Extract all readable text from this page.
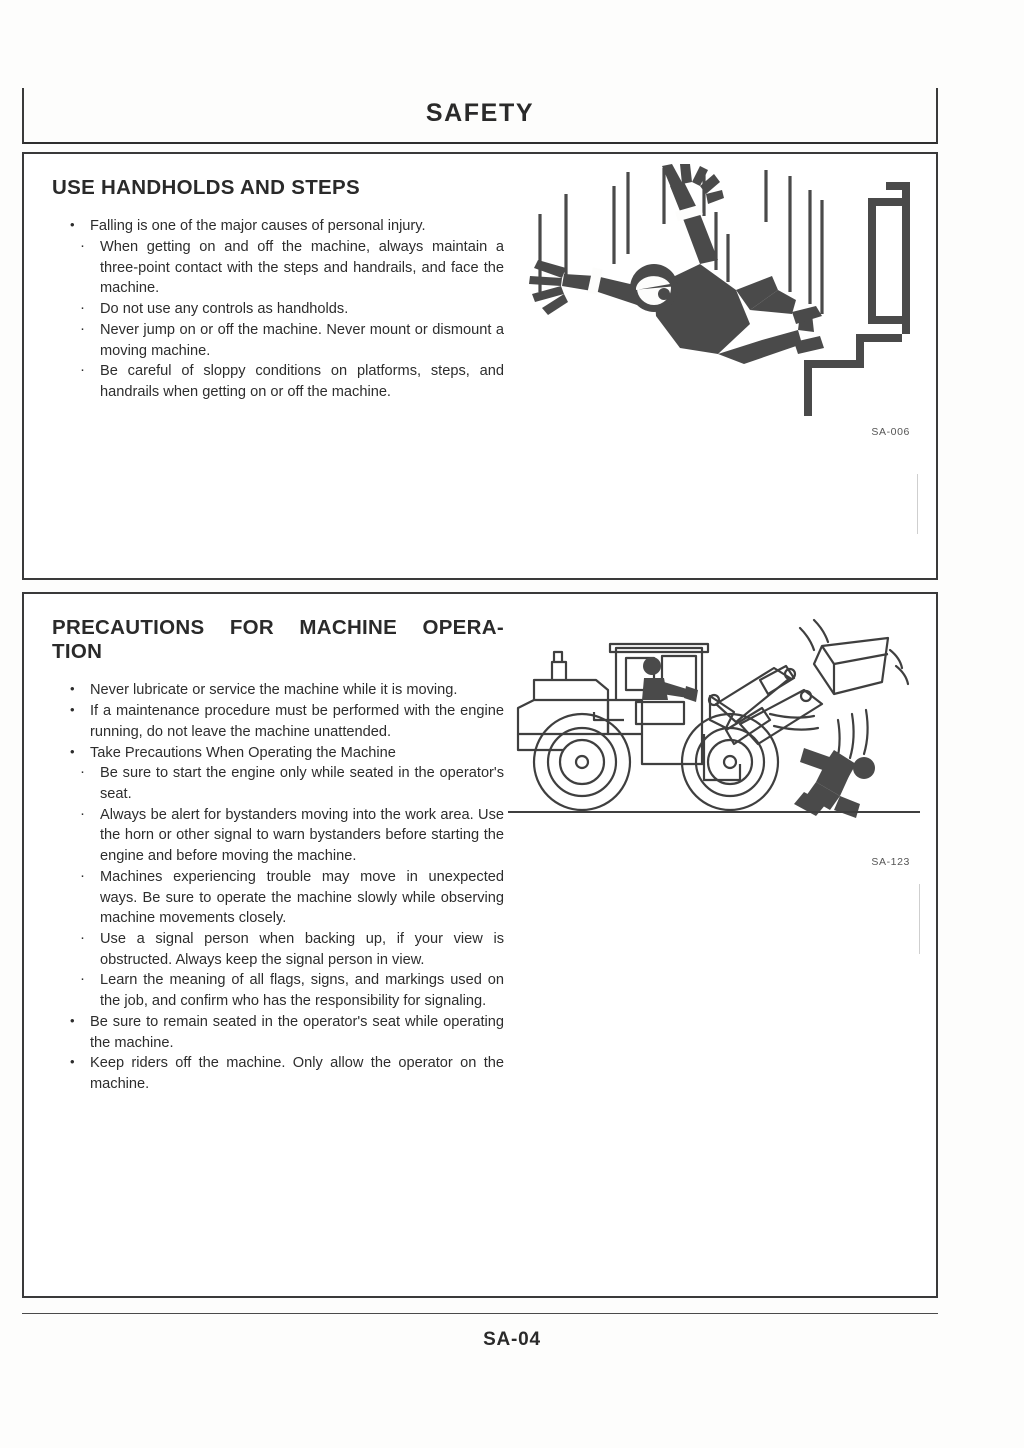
SAFETY
USE HANDHOLDS AND STEPS
• Falling is one of the major causes of personal injury.
· When getting on and off the machine, always maintain a three-point contact with the steps and handrails, and face the machine.
· Do not use any controls as handholds.
· Never jump on or off the machine. Never mount or dismount a moving machine.
· Be careful of sloppy conditions on platforms, steps, and handrails when getting on or off the machine.
SA-006
PRECAUTIONS FOR MACHINE OPERA-
TION
• Never lubricate or service the machine while it is moving.
• If a maintenance procedure must be performed with the engine running, do not leave the machine unattended.
• Take Precautions When Operating the Machine
· Be sure to start the engine only while seated in the operator's seat.
· Always be alert for bystanders moving into the work area. Use the horn or other signal to warn bystanders before starting the engine and before moving the machine.
· Machines experiencing trouble may move in unexpected ways. Be sure to operate the machine slowly while observing machine movements closely.
· Use a signal person when backing up, if your view is obstructed. Always keep the signal person in view.
· Learn the meaning of all flags, signs, and markings used on the job, and confirm who has the responsibility for signaling.
• Be sure to remain seated in the operator's seat while operating the machine.
• Keep riders off the machine. Only allow the operator on the machine.
SA-123
SA-04
